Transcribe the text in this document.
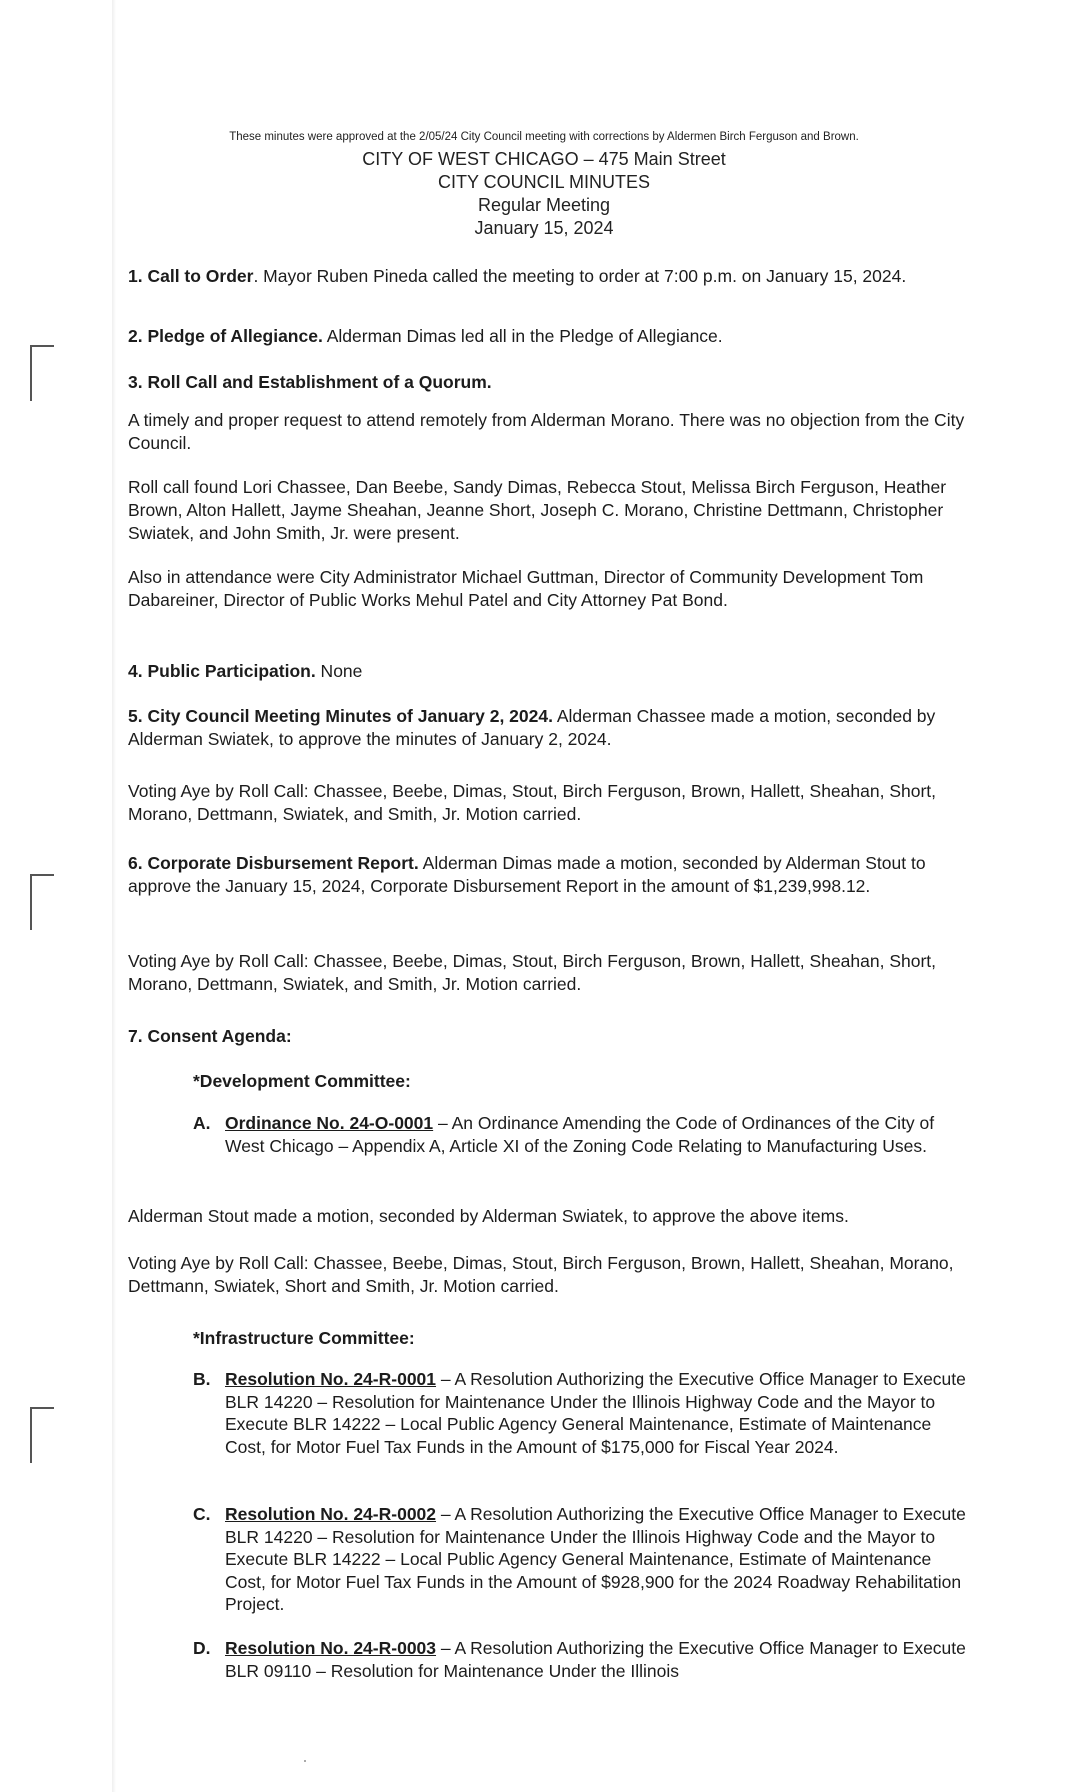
These minutes were approved at the 2/05/24 City Council meeting with corrections by Aldermen Birch Ferguson and Brown.
CITY OF WEST CHICAGO – 475 Main Street
CITY COUNCIL MINUTES
Regular Meeting
January 15, 2024
1. Call to Order. Mayor Ruben Pineda called the meeting to order at 7:00 p.m. on January 15, 2024.
2. Pledge of Allegiance. Alderman Dimas led all in the Pledge of Allegiance.
3. Roll Call and Establishment of a Quorum.
A timely and proper request to attend remotely from Alderman Morano. There was no objection from the City Council.
Roll call found Lori Chassee, Dan Beebe, Sandy Dimas, Rebecca Stout, Melissa Birch Ferguson, Heather Brown, Alton Hallett, Jayme Sheahan, Jeanne Short, Joseph C. Morano, Christine Dettmann, Christopher Swiatek, and John Smith, Jr. were present.
Also in attendance were City Administrator Michael Guttman, Director of Community Development Tom Dabareiner, Director of Public Works Mehul Patel and City Attorney Pat Bond.
4. Public Participation. None
5. City Council Meeting Minutes of January 2, 2024. Alderman Chassee made a motion, seconded by Alderman Swiatek, to approve the minutes of January 2, 2024.
Voting Aye by Roll Call: Chassee, Beebe, Dimas, Stout, Birch Ferguson, Brown, Hallett, Sheahan, Short, Morano, Dettmann, Swiatek, and Smith, Jr. Motion carried.
6. Corporate Disbursement Report. Alderman Dimas made a motion, seconded by Alderman Stout to approve the January 15, 2024, Corporate Disbursement Report in the amount of $1,239,998.12.
Voting Aye by Roll Call: Chassee, Beebe, Dimas, Stout, Birch Ferguson, Brown, Hallett, Sheahan, Short, Morano, Dettmann, Swiatek, and Smith, Jr. Motion carried.
7. Consent Agenda:
*Development Committee:
A. Ordinance No. 24-O-0001 – An Ordinance Amending the Code of Ordinances of the City of West Chicago – Appendix A, Article XI of the Zoning Code Relating to Manufacturing Uses.
Alderman Stout made a motion, seconded by Alderman Swiatek, to approve the above items.
Voting Aye by Roll Call: Chassee, Beebe, Dimas, Stout, Birch Ferguson, Brown, Hallett, Sheahan, Morano, Dettmann, Swiatek, Short and Smith, Jr. Motion carried.
*Infrastructure Committee:
B. Resolution No. 24-R-0001 – A Resolution Authorizing the Executive Office Manager to Execute BLR 14220 – Resolution for Maintenance Under the Illinois Highway Code and the Mayor to Execute BLR 14222 – Local Public Agency General Maintenance, Estimate of Maintenance Cost, for Motor Fuel Tax Funds in the Amount of $175,000 for Fiscal Year 2024.
C. Resolution No. 24-R-0002 – A Resolution Authorizing the Executive Office Manager to Execute BLR 14220 – Resolution for Maintenance Under the Illinois Highway Code and the Mayor to Execute BLR 14222 – Local Public Agency General Maintenance, Estimate of Maintenance Cost, for Motor Fuel Tax Funds in the Amount of $928,900 for the 2024 Roadway Rehabilitation Project.
D. Resolution No. 24-R-0003 – A Resolution Authorizing the Executive Office Manager to Execute BLR 09110 – Resolution for Maintenance Under the Illinois
